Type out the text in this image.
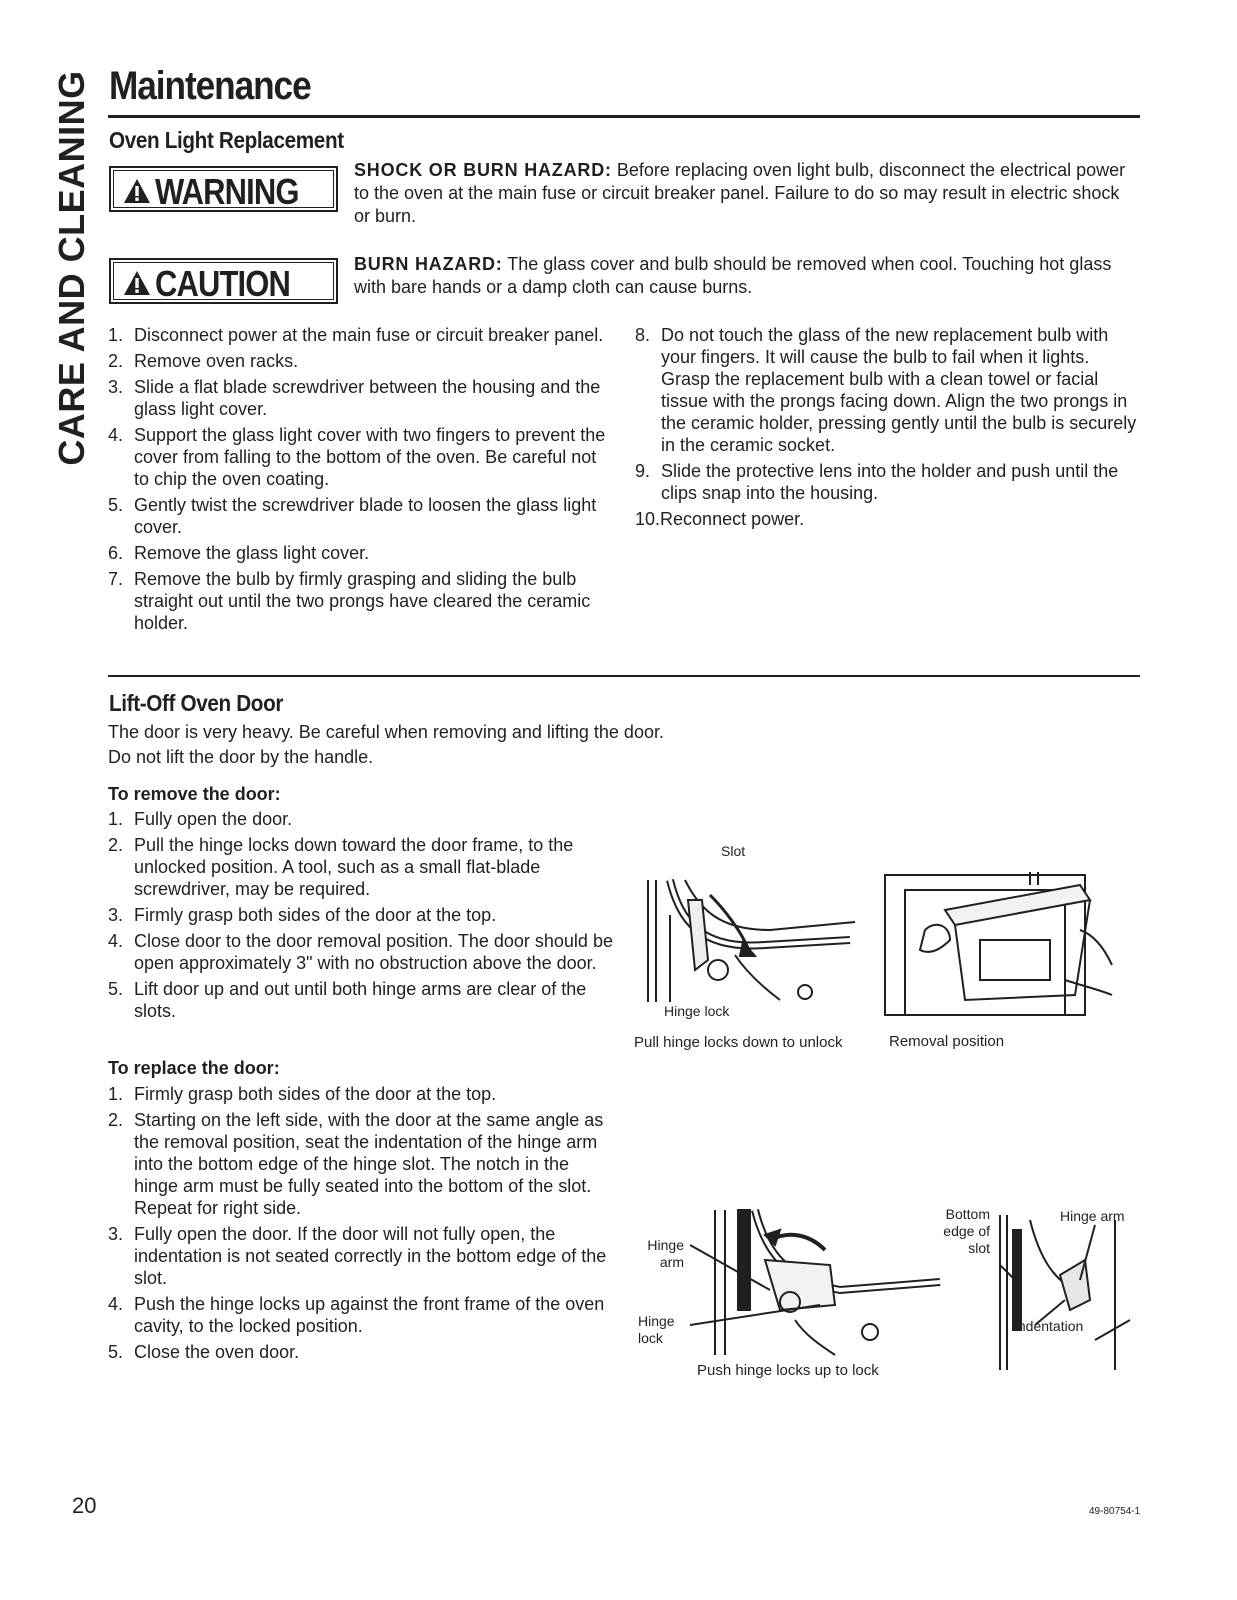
CARE AND CLEANING Maintenance
Oven Light Replacement
WARNING
SHOCK OR BURN HAZARD: Before replacing oven light bulb, disconnect the electrical power to the oven at the main fuse or circuit breaker panel. Failure to do so may result in electric shock or burn.
CAUTION	BURN HAZARD: The glass cover and bulb should be removed when cool. Touching hot glass with bare hands or a damp cloth can cause burns.
1. Disconnect power at the main fuse or circuit breaker panel.
2. Remove oven racks.
3. Slide a flat blade screwdriver between the housing and the glass light cover.
4. Support the glass light cover with two fingers to prevent the cover from falling to the bottom of the oven. Be careful not to chip the oven coating.
5. Gently twist the screwdriver blade to loosen the glass light cover.
6. Remove the glass light cover.
7. Remove the bulb by firmly grasping and sliding the bulb straight out until the two prongs have cleared the ceramic holder.
8. Do not touch the glass of the new replacement bulb with your fingers. It will cause the bulb to fail when it lights. Grasp the replacement bulb with a clean towel or facial tissue with the prongs facing down. Align the two prongs in the ceramic holder, pressing gently until the bulb is securely in the ceramic socket.
9. Slide the protective lens into the holder and push until the clips snap into the housing.
10.Reconnect power.
Lift-Off Oven Door
The door is very heavy. Be careful when removing and lifting the door.
Do not lift the door by the handle.
To remove the door:
1. Fully open the door.
2. Pull the hinge locks down toward the door frame, to the unlocked position. A tool, such as a small flat-blade screwdriver, may be required.
3. Firmly grasp both sides of the door at the top.
4. Close door to the door removal position. The door should be open approximately 3" with no obstruction above the door.
5. Lift door up and out until both hinge arms are clear of the slots.
To replace the door:
1. Firmly grasp both sides of the door at the top.
2. Starting on the left side, with the door at the same angle as the removal position, seat the indentation of the hinge arm into the bottom edge of the hinge slot. The notch in the hinge arm must be fully seated into the bottom of the slot. Repeat for right side.
3. Fully open the door. If the door will not fully open, the indentation is not seated correctly in the bottom edge of the slot.
4. Push the hinge locks up against the front frame of the oven cavity, to the locked position.
5. Close the oven door.
Slot
Hinge lock
Pull hinge locks down to unlock	Removal position
Hinge arm
Hinge lock
Push hinge locks up to lock
Bottom edge of slot
Hinge arm
Indentation
20	49-80754-1
